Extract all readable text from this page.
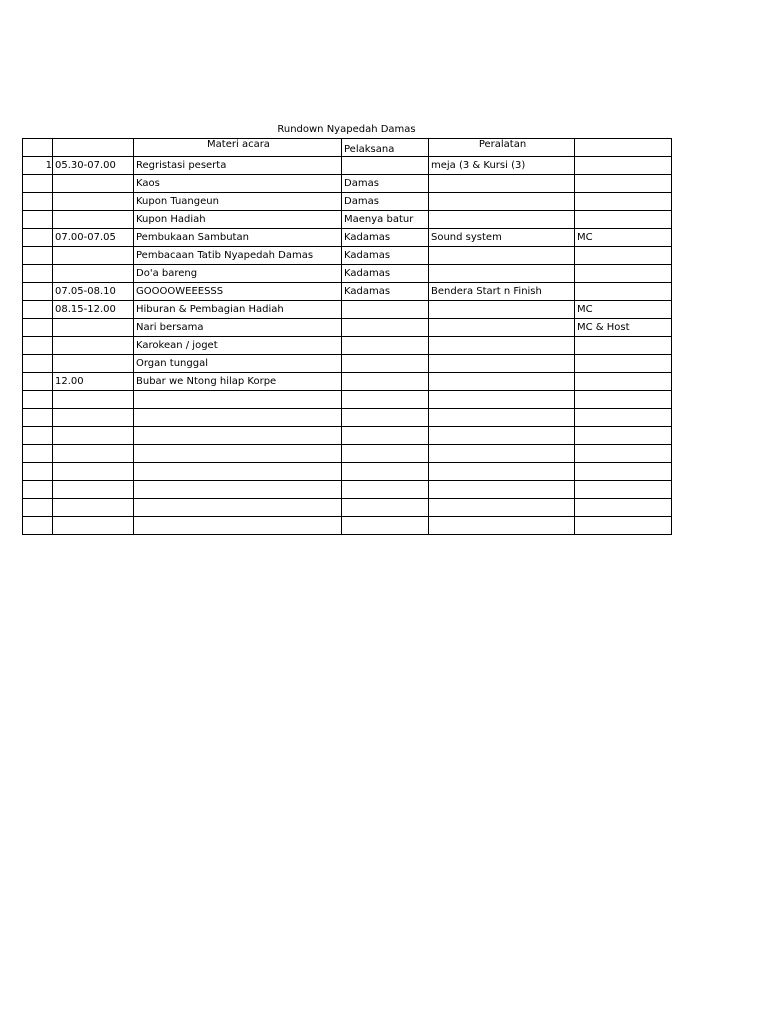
Rundown Nyapedah Damas
		Materi acara	Pelaksana	Peralatan	
1	05.30-07.00	Regristasi peserta		meja (3 & Kursi (3)	
		Kaos	Damas		
		Kupon Tuangeun	Damas		
		Kupon Hadiah	Maenya batur		
	07.00-07.05	Pembukaan Sambutan	Kadamas	Sound system	MC
		Pembacaan Tatib Nyapedah Damas	Kadamas		
		Do'a bareng	Kadamas		
	07.05-08.10	GOOOOWEEESSS	Kadamas	Bendera Start n Finish	
	08.15-12.00	Hiburan & Pembagian Hadiah			MC
		Nari bersama			MC & Host
		Karokean / joget			
		Organ tunggal			
	12.00	Bubar we Ntong hilap Korpe			
